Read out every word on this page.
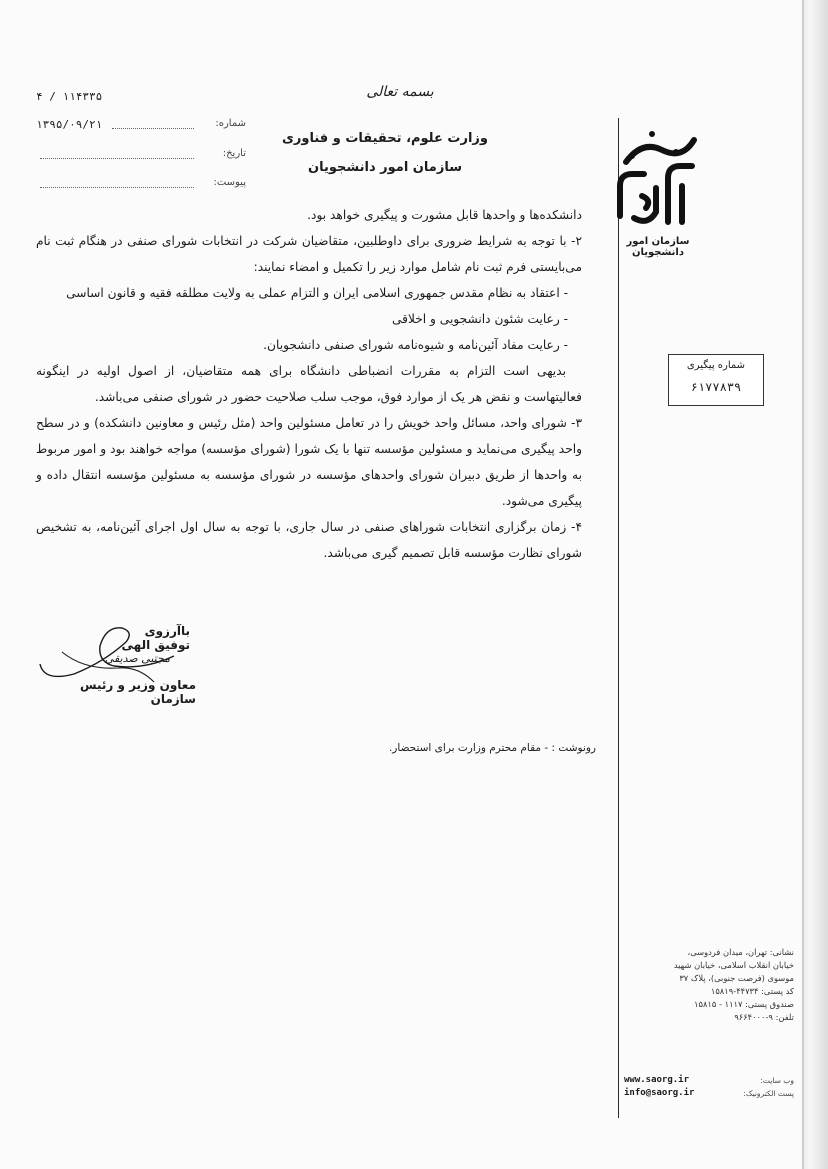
بسمه تعالی
وزارت علوم، تحقیقات و فناوری
سازمان امور دانشجویان
۴ / ۱۱۴۳۳۵
شماره:
۱۳۹۵/۰۹/۲۱
تاریخ:
پیوست:
سازمان امور دانشجویان
شماره پیگیری
۶۱۷۷۸۳۹

دانشکده‌ها و واحدها قابل مشورت و پیگیری خواهد بود.

۲- با توجه به شرایط ضروری برای داوطلبین، متقاضیان شرکت در انتخابات شورای صنفی در هنگام ثبت نام می‌بایستی فرم ثبت نام شامل موارد زیر را تکمیل و امضاء نمایند:

- اعتقاد به نظام مقدس جمهوری اسلامی ایران و التزام عملی به ولایت مطلقه فقیه و قانون اساسی

- رعایت شئون دانشجویی و اخلاقی

- رعایت مفاد آئین‌نامه و شیوه‌نامه شورای صنفی دانشجویان.

بدیهی است التزام به مقررات انضباطی دانشگاه برای همه متقاضیان، از اصول اولیه در اینگونه فعالیتهاست و نقض هر یک از موارد فوق، موجب سلب صلاحیت حضور در شورای صنفی می‌باشد.

۳- شورای واحد، مسائل واحد خویش را در تعامل مسئولین واحد (مثل رئیس و معاونین دانشکده) و در سطح واحد پیگیری می‌نماید و مسئولین مؤسسه تنها با یک شورا (شورای مؤسسه) مواجه خواهند بود و امور مربوط به واحدها از طریق دبیران شورای واحدهای مؤسسه در شورای مؤسسه به مسئولین مؤسسه انتقال داده و پیگیری می‌شود.

۴- زمان برگزاری انتخابات شوراهای صنفی در سال جاری، با توجه به سال اول اجرای آئین‌نامه، به تشخیص شورای نظارت مؤسسه قابل تصمیم گیری می‌باشد.

باآرزوی توفیق الهی
مجتبی صدیقی
معاون وزیر و رئیس سازمان
رونوشت : - مقام محترم وزارت برای استحضار.
نشانی: تهران، میدان فردوسی،
خیابان انقلاب اسلامی، خیابان شهید
موسوی (فرصت جنوبی)، پلاک ۳۷
کد پستی: ۴۴۷۳۴-۱۵۸۱۹
صندوق پستی: ۱۱۱۷ - ۱۵۸۱۵
تلفن: ۹-۹۶۶۴۰۰۰
www.saorg.ir	وب سایت:
info@saorg.ir	پست الکترونیک:
